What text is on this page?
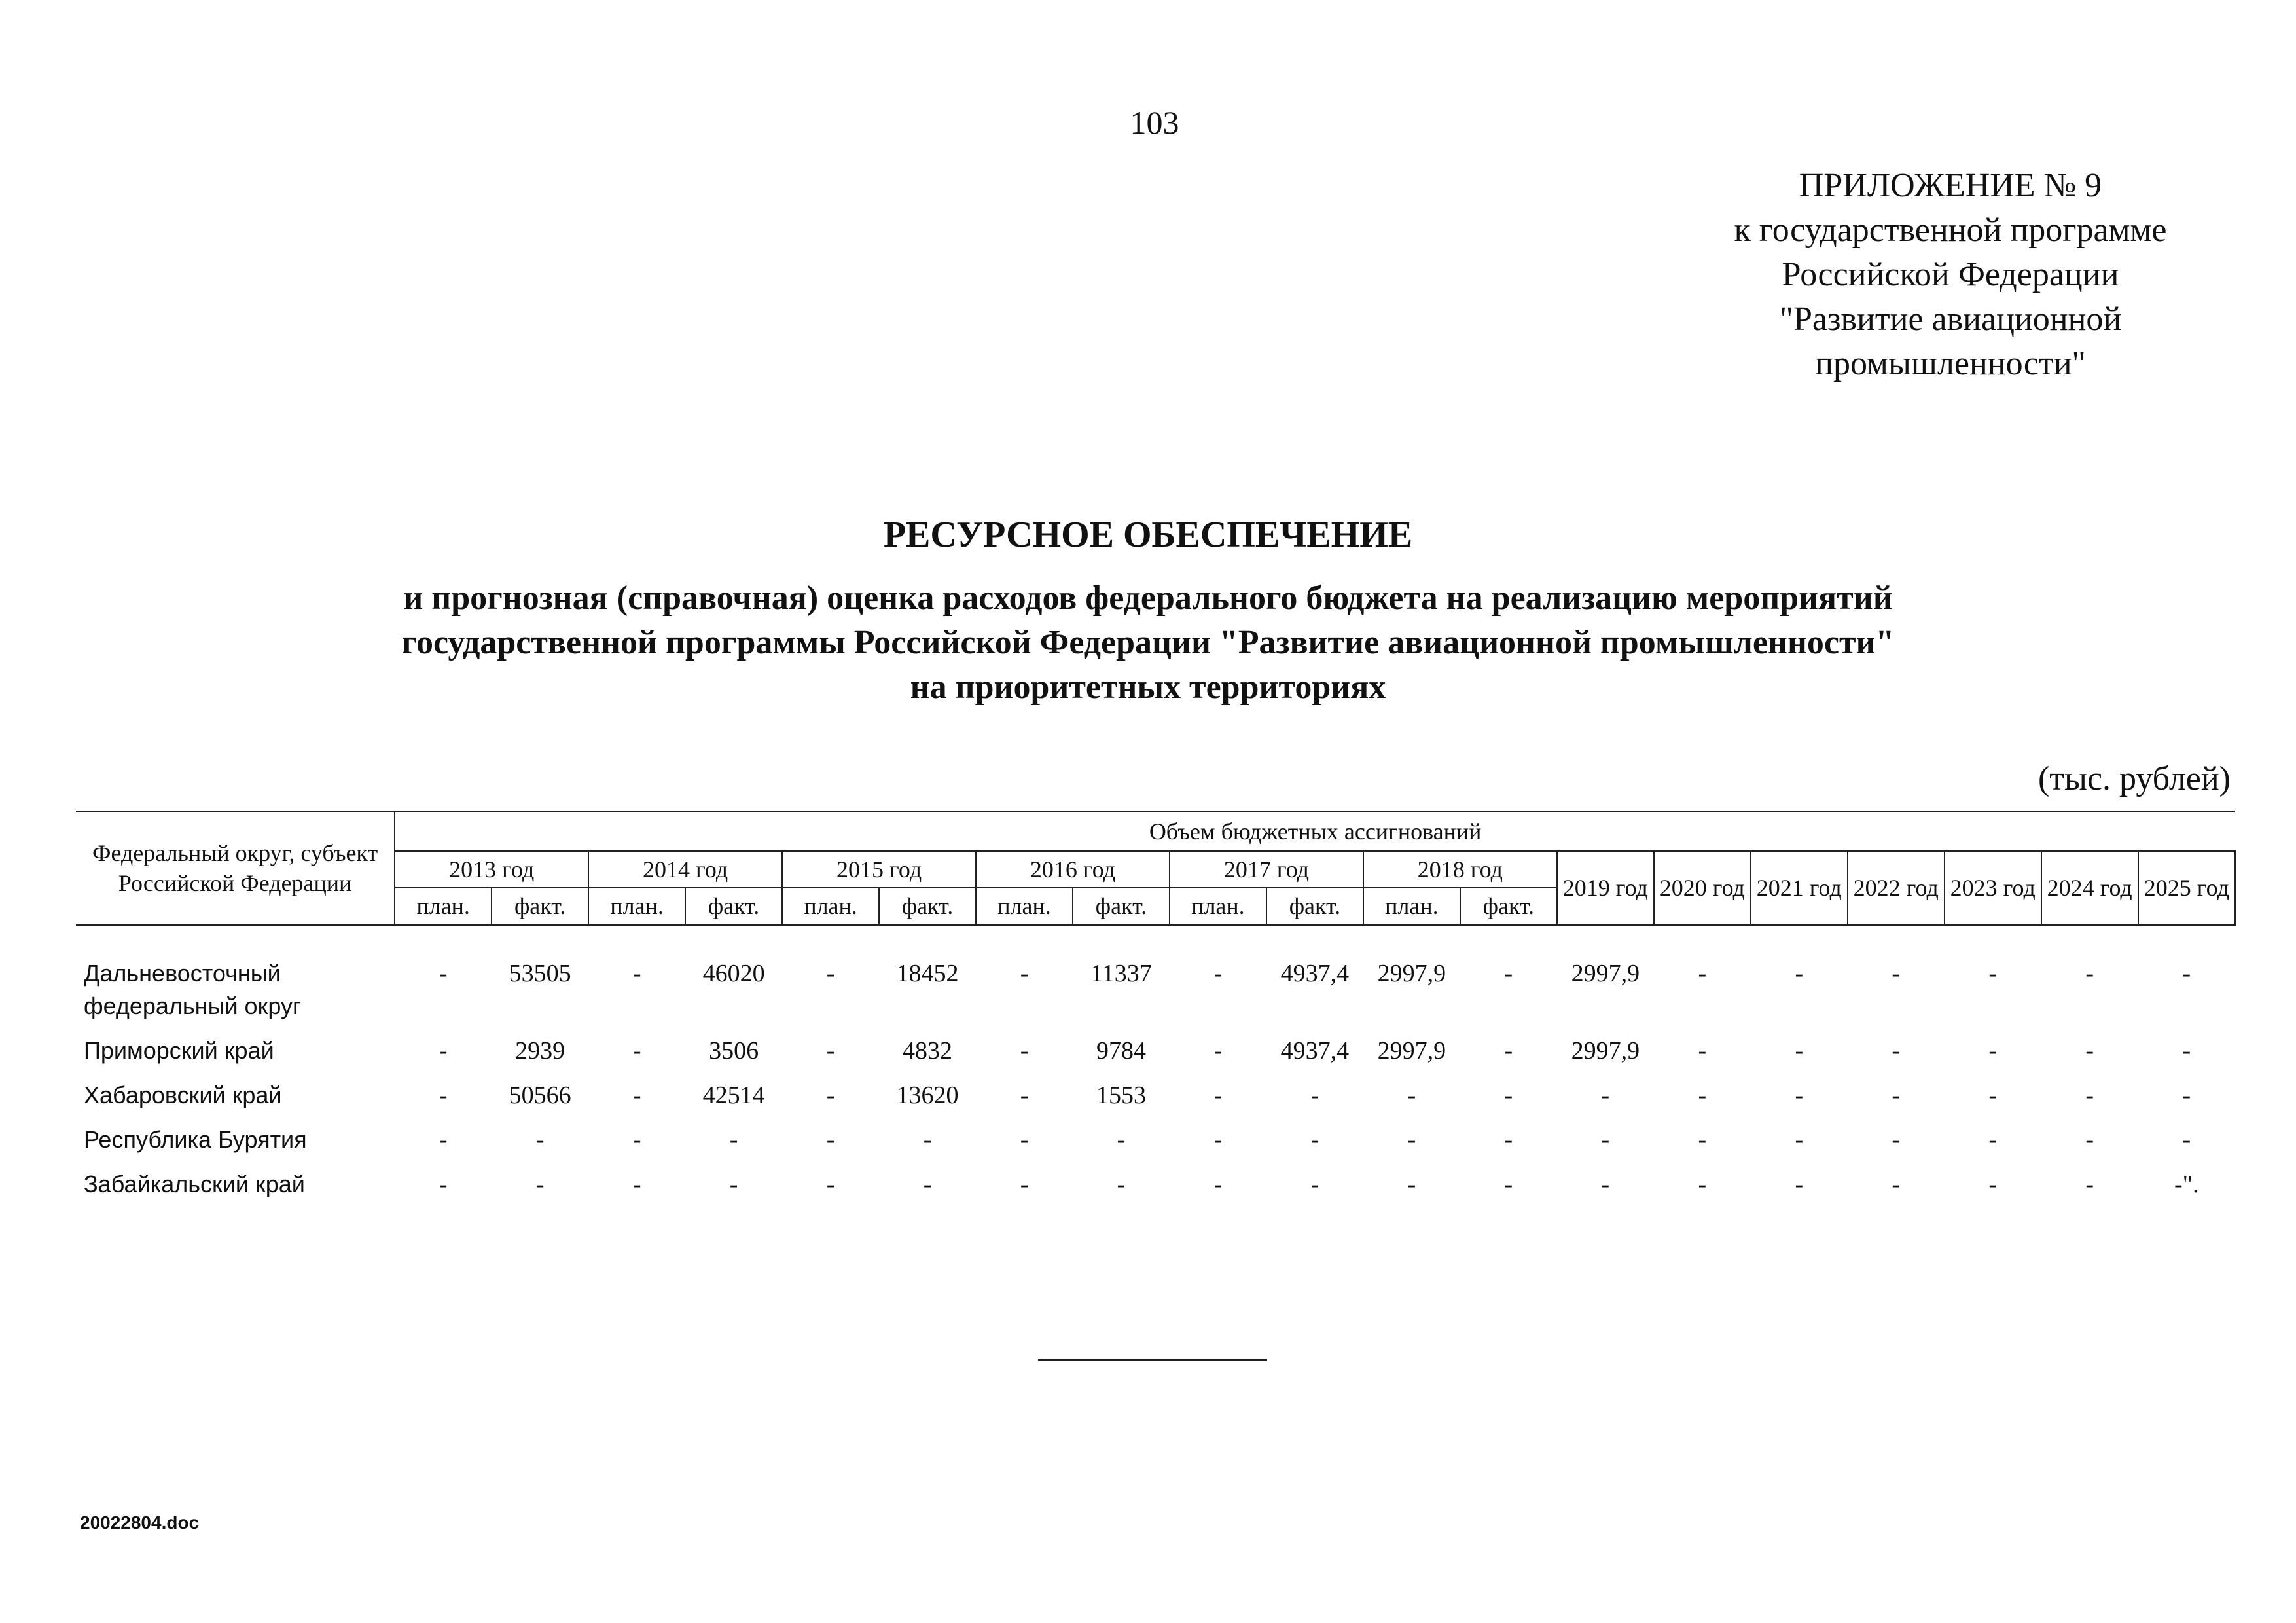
103
ПРИЛОЖЕНИЕ № 9
к государственной программе
Российской Федерации
"Развитие авиационной
промышленности"
РЕСУРСНОЕ ОБЕСПЕЧЕНИЕ
и прогнозная (справочная) оценка расходов федерального бюджета на реализацию мероприятий
государственной программы Российской Федерации "Развитие авиационной промышленности"
на приоритетных территориях
(тыс. рублей)
Федеральный округ, субъект Российской Федерации	Объем бюджетных ассигнований																		
	2013 год		2014 год		2015 год		2016 год		2017 год		2018 год		2019 год	2020 год	2021 год	2022 год	2023 год	2024 год	2025 год
	план.	факт.	план.	факт.	план.	факт.	план.	факт.	план.	факт.	план.	факт.							

Дальневосточный федеральный округ	-	53505	-	46020	-	18452	-	11337	-	4937,4	2997,9	-	2997,9	-	-	-	-	-	-
Приморский край	-	2939	-	3506	-	4832	-	9784	-	4937,4	2997,9	-	2997,9	-	-	-	-	-	-
Хабаровский край	-	50566	-	42514	-	13620	-	1553	-	-	-	-	-	-	-	-	-	-	-
Республика Бурятия	-	-	-	-	-	-	-	-	-	-	-	-	-	-	-	-	-	-	-
Забайкальский край	-	-	-	-	-	-	-	-	-	-	-	-	-	-	-	-	-	-	-".
20022804.doc
